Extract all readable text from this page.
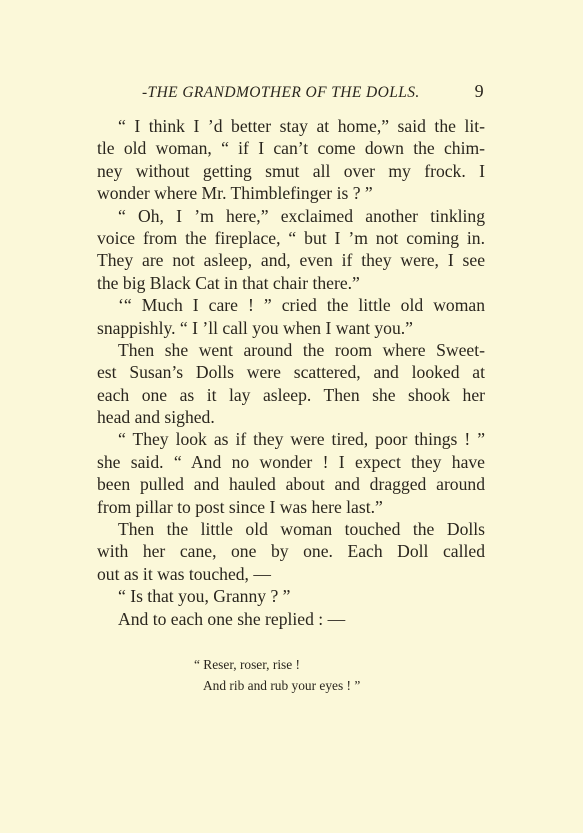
-THE GRANDMOTHER OF THE DOLLS.	9
“ I think I ’d better stay at home,” said the lit-
tle old woman, “ if I can’t come down the chim-
ney without getting smut all over my frock. I
wonder where Mr. Thimblefinger is ? ”
“ Oh, I ’m here,” exclaimed another tinkling
voice from the fireplace, “ but I ’m not coming in.
They are not asleep, and, even if they were, I see
the big Black Cat in that chair there.”
‘“ Much I care ! ” cried the little old woman
snappishly. “ I ’ll call you when I want you.”
Then she went around the room where Sweet-
est Susan’s Dolls were scattered, and looked at
each one as it lay asleep. Then she shook her
head and sighed.
“ They look as if they were tired, poor things ! ”
she said. “ And no wonder ! I expect they have
been pulled and hauled about and dragged around
from pillar to post since I was here last.”
Then the little old woman touched the Dolls
with her cane, one by one. Each Doll called
out as it was touched, —
“ Is that you, Granny ? ”
And to each one she replied : —
“ Reser, roser, rise !
And rib and rub your eyes ! ”
